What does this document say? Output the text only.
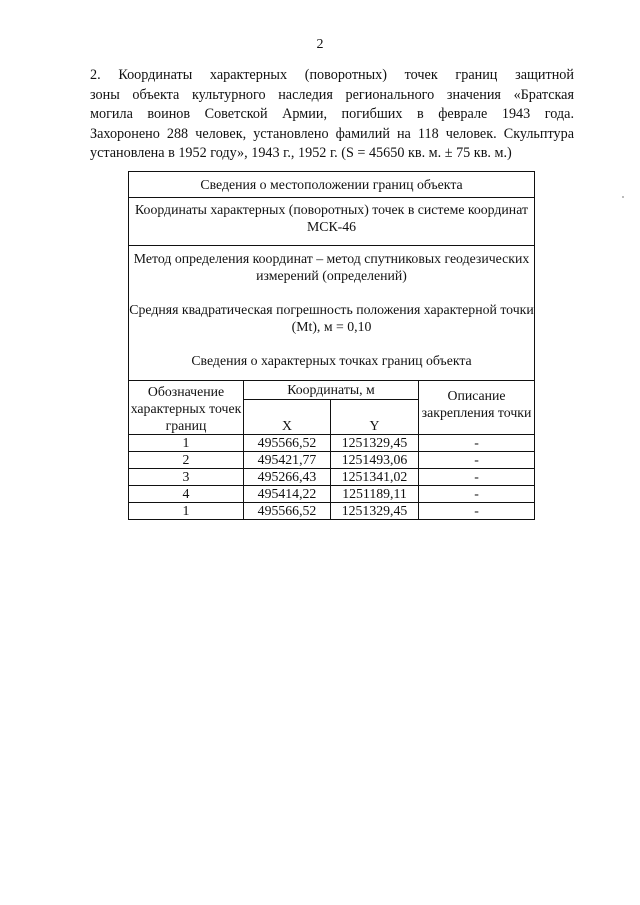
2
2. Координаты характерных (поворотных) точек границ защитной
зоны объекта культурного наследия регионального значения «Братская
могила воинов Советской Армии, погибших в феврале 1943 года.
Захоронено 288 человек, установлено фамилий на 118 человек. Скульптура
установлена в 1952 году», 1943 г., 1952 г. (S = 45650 кв. м. ± 75 кв. м.)
Сведения о местоположении границ объекта			
Координаты характерных (поворотных) точек в системе координат МСК-46			

Метод определения координат – метод спутниковых геодезических измерений (определений)

Средняя квадратическая погрешность положения характерной точки (Mt), м = 0,10

Сведения о характерных точках границ объекта			

Обозначение характерных точек границ	Координаты, м		Описание закрепления точки
	X	Y	
1	495566,52	1251329,45	-
2	495421,77	1251493,06	-
3	495266,43	1251341,02	-
4	495414,22	1251189,11	-
1	495566,52	1251329,45	-
